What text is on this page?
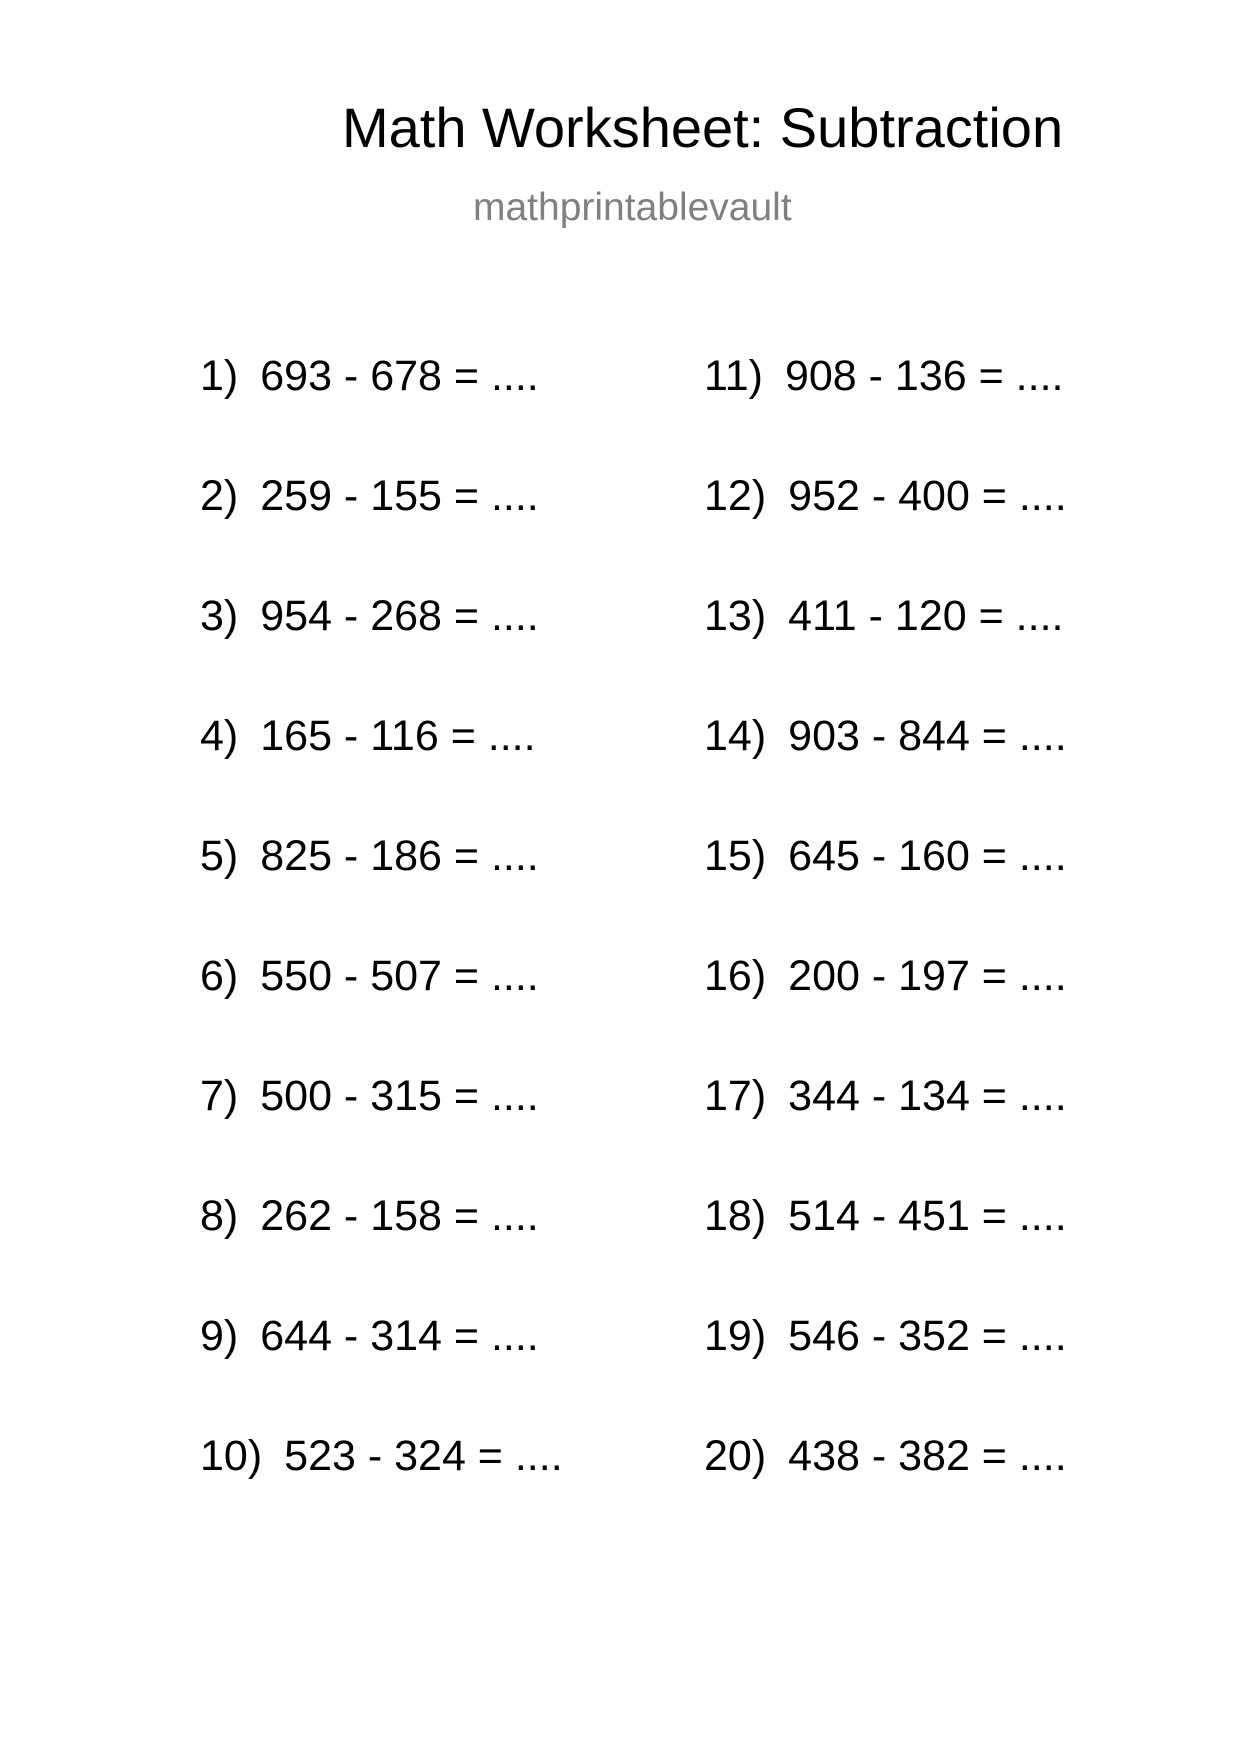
Math Worksheet: Subtraction
mathprintablevault
1) 693 - 678 = ....
2) 259 - 155 = ....
3) 954 - 268 = ....
4) 165 - 116 = ....
5) 825 - 186 = ....
6) 550 - 507 = ....
7) 500 - 315 = ....
8) 262 - 158 = ....
9) 644 - 314 = ....
10) 523 - 324 = ....
11) 908 - 136 = ....
12) 952 - 400 = ....
13) 411 - 120 = ....
14) 903 - 844 = ....
15) 645 - 160 = ....
16) 200 - 197 = ....
17) 344 - 134 = ....
18) 514 - 451 = ....
19) 546 - 352 = ....
20) 438 - 382 = ....
